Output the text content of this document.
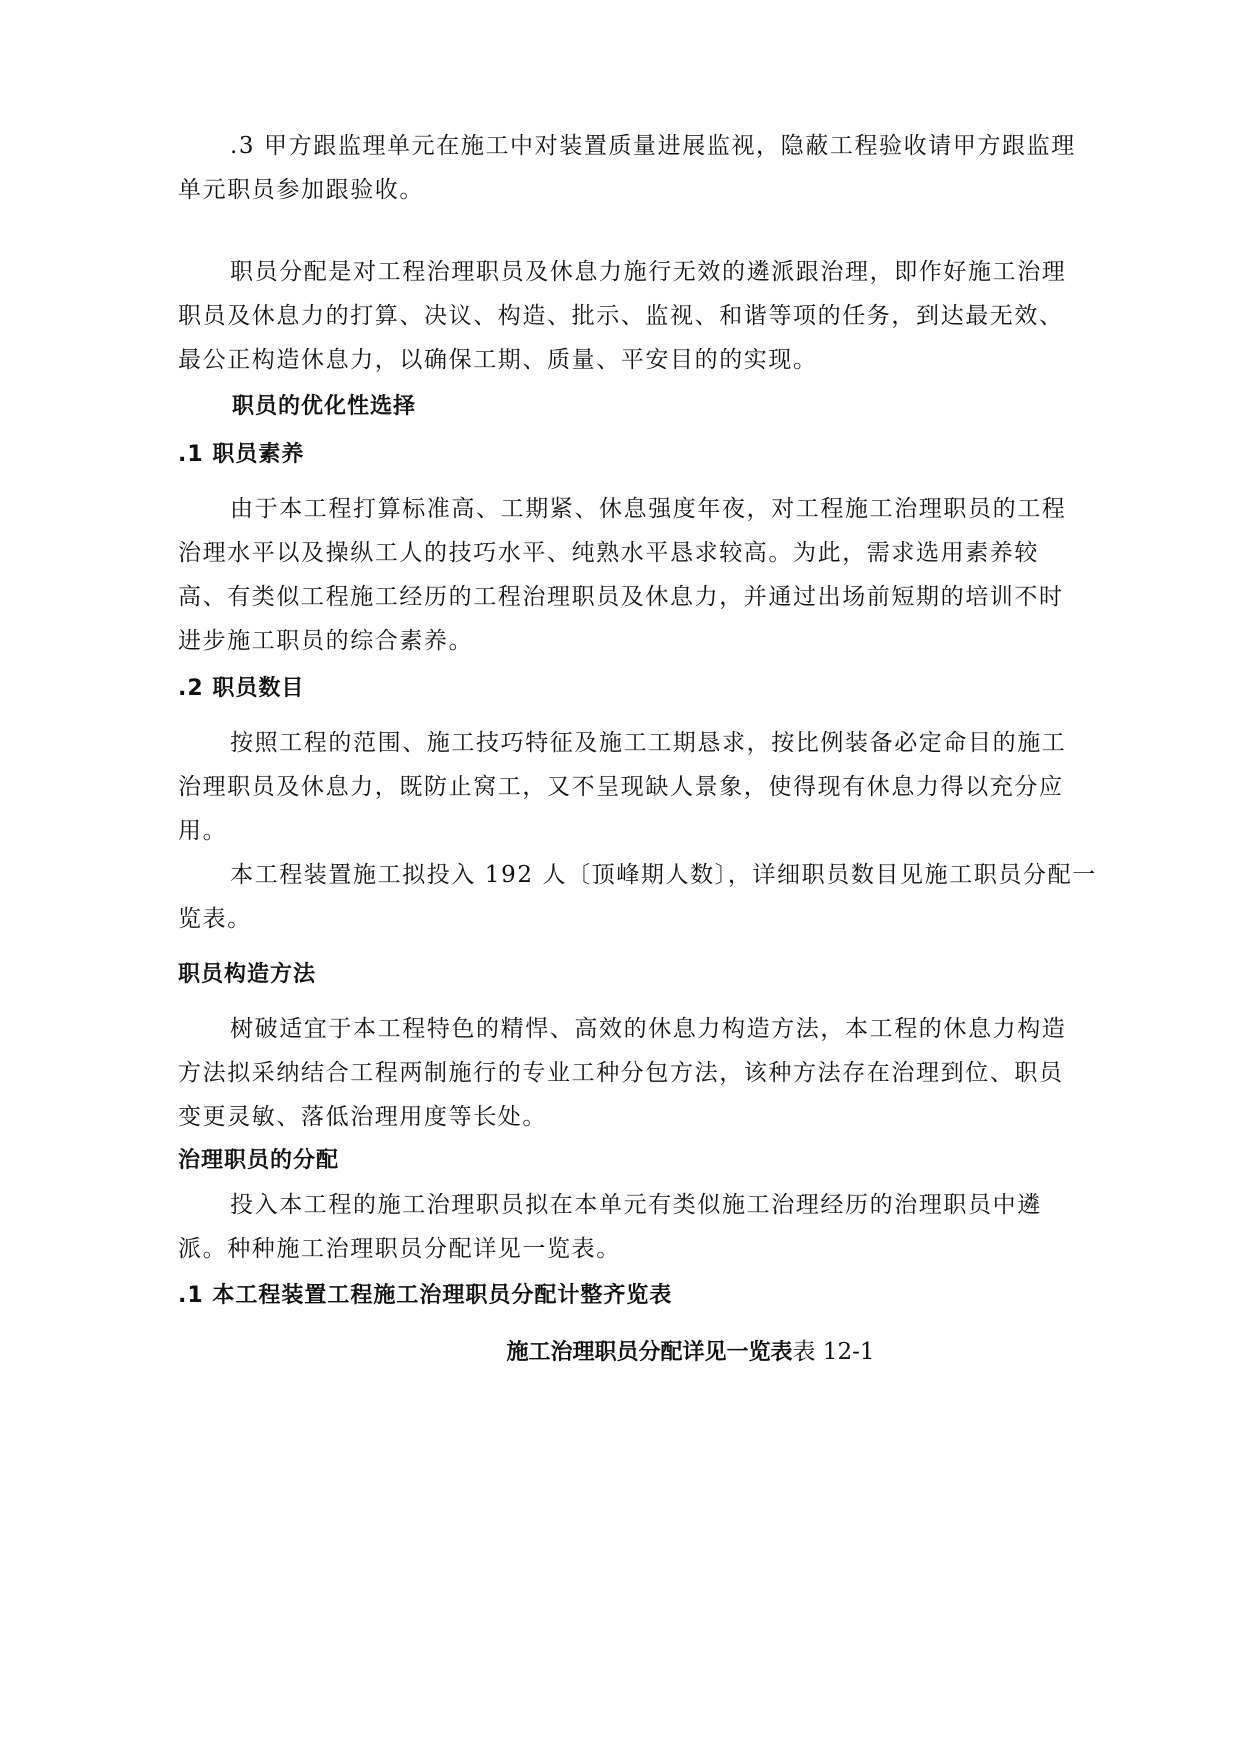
.3 甲方跟监理单元在施工中对装置质量进展监视，隐蔽工程验收请甲方跟监理
单元职员参加跟验收。
职员分配是对工程治理职员及休息力施行无效的遴派跟治理，即作好施工治理
职员及休息力的打算、决议、构造、批示、监视、和谐等项的任务，到达最无效、
最公正构造休息力，以确保工期、质量、平安目的的实现。
职员的优化性选择
.1 职员素养
由于本工程打算标准高、工期紧、休息强度年夜，对工程施工治理职员的工程
治理水平以及操纵工人的技巧水平、纯熟水平恳求较高。为此，需求选用素养较
高、有类似工程施工经历的工程治理职员及休息力，并通过出场前短期的培训不时
进步施工职员的综合素养。
.2 职员数目
按照工程的范围、施工技巧特征及施工工期恳求，按比例装备必定命目的施工
治理职员及休息力，既防止窝工，又不呈现缺人景象，使得现有休息力得以充分应
用。
本工程装置施工拟投入 192 人〔顶峰期人数〕，详细职员数目见施工职员分配一
览表。
职员构造方法
树破适宜于本工程特色的精悍、高效的休息力构造方法，本工程的休息力构造
方法拟采纳结合工程两制施行的专业工种分包方法，该种方法存在治理到位、职员
变更灵敏、落低治理用度等长处。
治理职员的分配
投入本工程的施工治理职员拟在本单元有类似施工治理经历的治理职员中遴
派。种种施工治理职员分配详见一览表。
.1 本工程装置工程施工治理职员分配计整齐览表
施工治理职员分配详见一览表表 12-1
